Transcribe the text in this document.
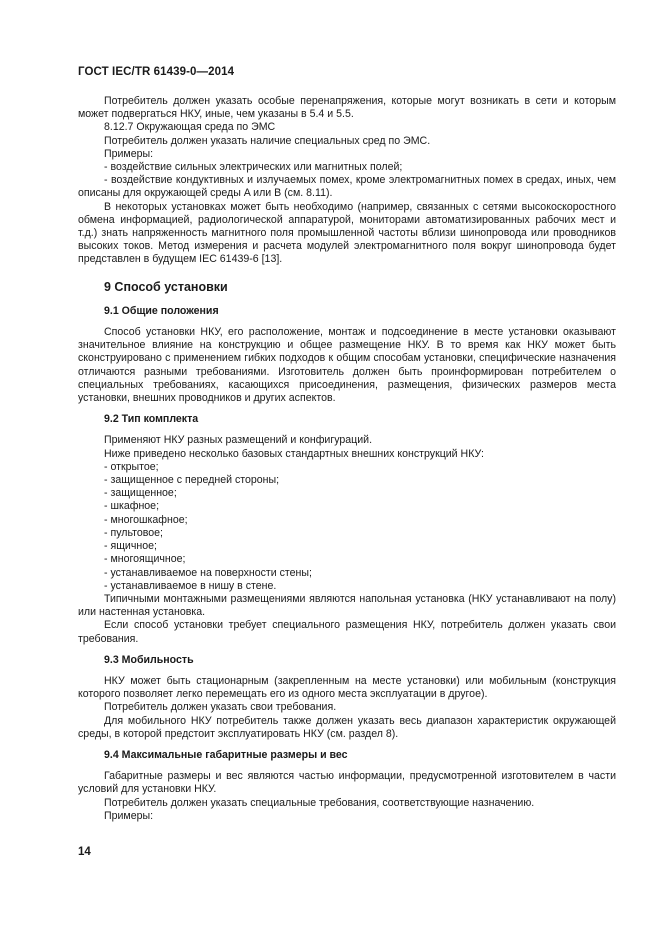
ГОСТ IEC/TR 61439-0—2014

Потребитель должен указать особые перенапряжения, которые могут возникать в сети и которым может подвергаться НКУ, иные, чем указаны в 5.4 и 5.5.

8.12.7 Окружающая среда по ЭМС

Потребитель должен указать наличие специальных сред по ЭМС.

Примеры:

- воздействие сильных электрических или магнитных полей;

- воздействие кондуктивных и излучаемых помех, кроме электромагнитных помех в средах, иных, чем описаны для окружающей среды A или B (см. 8.11).

В некоторых установках может быть необходимо (например, связанных с сетями высокоскоростного обмена информацией, радиологической аппаратурой, мониторами автоматизированных рабочих мест и т.д.) знать напряженность магнитного поля промышленной частоты вблизи шинопровода или проводников высоких токов. Метод измерения и расчета модулей электромагнитного поля вокруг шинопровода будет представлен в будущем IEC 61439-6 [13].

9 Способ установки
9.1 Общие положения

Способ установки НКУ, его расположение, монтаж и подсоединение в месте установки оказывают значительное влияние на конструкцию и общее размещение НКУ. В то время как НКУ может быть сконструировано с применением гибких подходов к общим способам установки, специфические назначения отличаются разными требованиями. Изготовитель должен быть проинформирован потребителем о специальных требованиях, касающихся присоединения, размещения, физических размеров места установки, внешних проводников и других аспектов.

9.2 Тип комплекта

Применяют НКУ разных размещений и конфигураций.

Ниже приведено несколько базовых стандартных внешних конструкций НКУ:

- открытое;

- защищенное с передней стороны;

- защищенное;

- шкафное;

- многошкафное;

- пультовое;

- ящичное;

- многоящичное;

- устанавливаемое на поверхности стены;

- устанавливаемое в нишу в стене.

Типичными монтажными размещениями являются напольная установка (НКУ устанавливают на полу) или настенная установка.

Если способ установки требует специального размещения НКУ, потребитель должен указать свои требования.

9.3 Мобильность

НКУ может быть стационарным (закрепленным на месте установки) или мобильным (конструкция которого позволяет легко перемещать его из одного места эксплуатации в другое).

Потребитель должен указать свои требования.

Для мобильного НКУ потребитель также должен указать весь диапазон характеристик окружающей среды, в которой предстоит эксплуатировать НКУ (см. раздел 8).

9.4 Максимальные габаритные размеры и вес

Габаритные размеры и вес являются частью информации, предусмотренной изготовителем в части условий для установки НКУ.

Потребитель должен указать специальные требования, соответствующие назначению.

Примеры:

14
